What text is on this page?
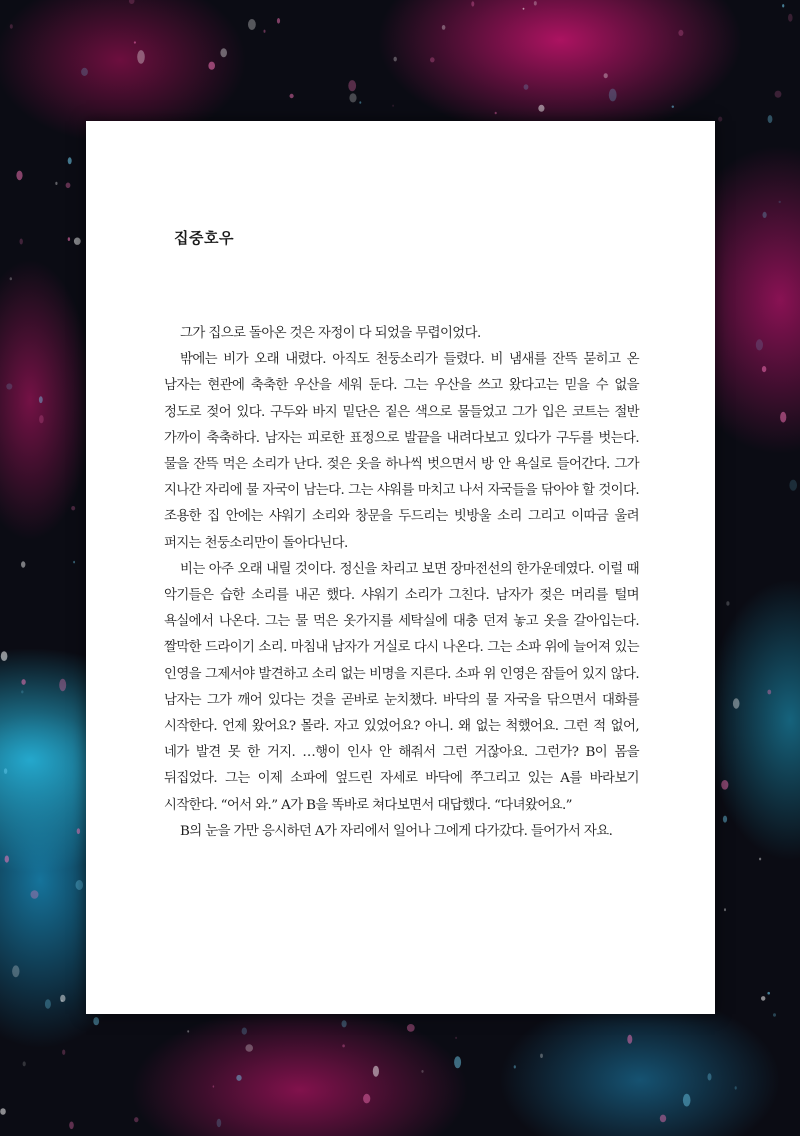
집중호우

그가 집으로 돌아온 것은 자정이 다 되었을 무렵이었다.

밖에는 비가 오래 내렸다. 아직도 천둥소리가 들렸다. 비 냄새를 잔뜩 묻히고 온 남자는 현관에 축축한 우산을 세워 둔다. 그는 우산을 쓰고 왔다고는 믿을 수 없을 정도로 젖어 있다. 구두와 바지 밑단은 짙은 색으로 물들었고 그가 입은 코트는 절반 가까이 축축하다. 남자는 피로한 표정으로 발끝을 내려다보고 있다가 구두를 벗는다. 물을 잔뜩 먹은 소리가 난다. 젖은 옷을 하나씩 벗으면서 방 안 욕실로 들어간다. 그가 지나간 자리에 물 자국이 남는다. 그는 샤워를 마치고 나서 자국들을 닦아야 할 것이다. 조용한 집 안에는 샤워기 소리와 창문을 두드리는 빗방울 소리 그리고 이따금 울려 퍼지는 천둥소리만이 돌아다닌다.

비는 아주 오래 내릴 것이다. 정신을 차리고 보면 장마전선의 한가운데였다. 이럴 때 악기들은 습한 소리를 내곤 했다. 샤워기 소리가 그친다. 남자가 젖은 머리를 털며 욕실에서 나온다. 그는 물 먹은 옷가지를 세탁실에 대충 던져 놓고 옷을 갈아입는다. 짤막한 드라이기 소리. 마침내 남자가 거실로 다시 나온다. 그는 소파 위에 늘어져 있는 인영을 그제서야 발견하고 소리 없는 비명을 지른다. 소파 위 인영은 잠들어 있지 않다. 남자는 그가 깨어 있다는 것을 곧바로 눈치챘다. 바닥의 물 자국을 닦으면서 대화를 시작한다. 언제 왔어요? 몰라. 자고 있었어요? 아니. 왜 없는 척했어요. 그런 적 없어, 네가 발견 못 한 거지. …행이 인사 안 해줘서 그런 거잖아요. 그런가? B이 몸을 뒤집었다. 그는 이제 소파에 엎드린 자세로 바닥에 쭈그리고 있는 A를 바라보기 시작한다. “어서 와.” A가 B을 똑바로 쳐다보면서 대답했다. “다녀왔어요.”

B의 눈을 가만 응시하던 A가 자리에서 일어나 그에게 다가갔다. 들어가서 자요.
